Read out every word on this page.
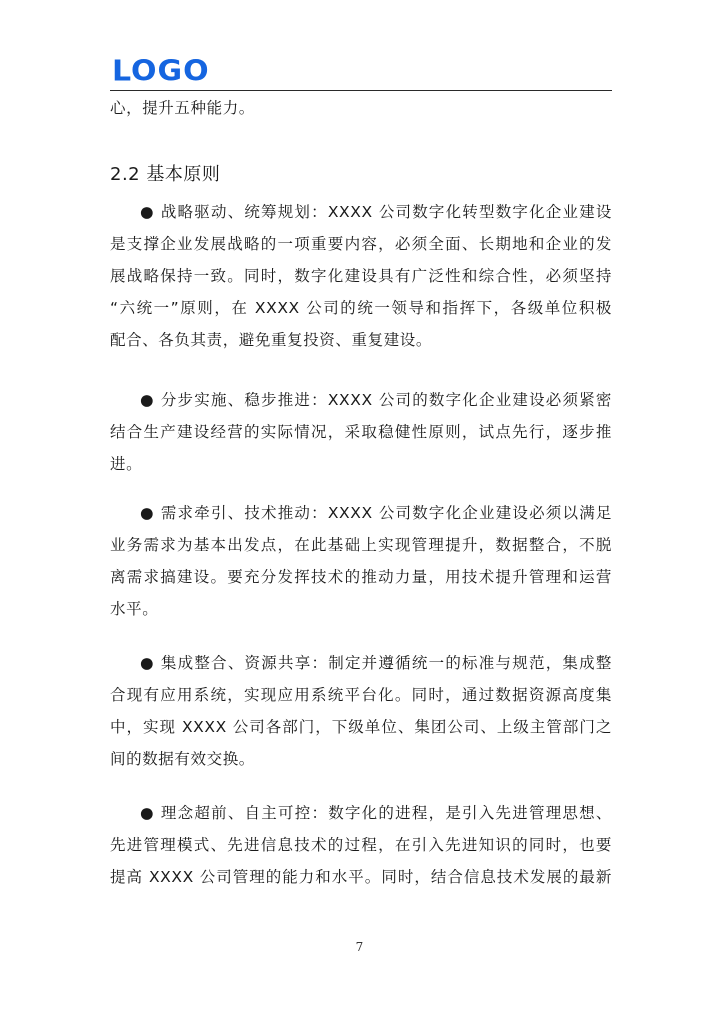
LOGO
心，提升五种能力。
2.2 基本原则
● 战略驱动、统筹规划：XXXX 公司数字化转型数字化企业建设
是支撑企业发展战略的一项重要内容，必须全面、长期地和企业的发
展战略保持一致。同时，数字化建设具有广泛性和综合性，必须坚持
“六统一”原则，在 XXXX 公司的统一领导和指挥下，各级单位积极
配合、各负其责，避免重复投资、重复建设。
● 分步实施、稳步推进：XXXX 公司的数字化企业建设必须紧密
结合生产建设经营的实际情况，采取稳健性原则，试点先行，逐步推
进。
● 需求牵引、技术推动：XXXX 公司数字化企业建设必须以满足
业务需求为基本出发点，在此基础上实现管理提升，数据整合，不脱
离需求搞建设。要充分发挥技术的推动力量，用技术提升管理和运营
水平。
● 集成整合、资源共享：制定并遵循统一的标准与规范，集成整
合现有应用系统，实现应用系统平台化。同时，通过数据资源高度集
中，实现 XXXX 公司各部门，下级单位、集团公司、上级主管部门之
间的数据有效交换。
● 理念超前、自主可控：数字化的进程，是引入先进管理思想、
先进管理模式、先进信息技术的过程，在引入先进知识的同时，也要
提高 XXXX 公司管理的能力和水平。同时，结合信息技术发展的最新
7
